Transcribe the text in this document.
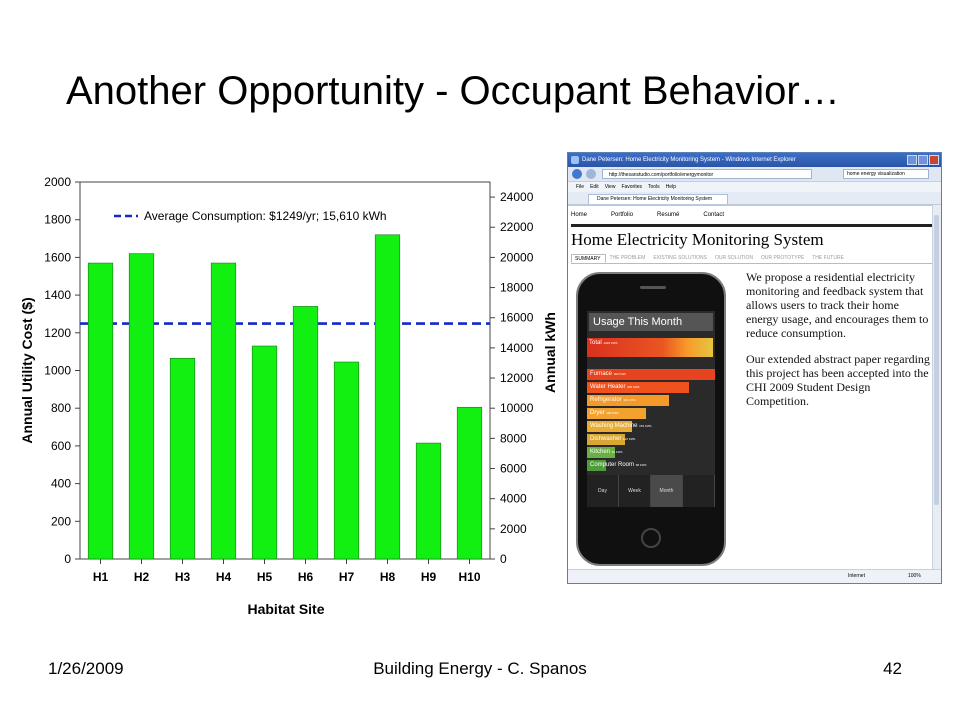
Another Opportunity - Occupant Behavior…
0
200
400
600
800
1000
1200
1400
1600
1800
2000
0
2000
4000
6000
8000
10000
12000
14000
16000
18000
20000
22000
24000
H1 H2 H3 H4 H5 H6 H7 H8 H9 H10
Average Consumption: $1249/yr; 15,610 kWh
Habitat Site
Annual Utility Cost ($)	Annual kWh
Dane Petersen: Home Electricity Monitoring System - Windows Internet Explorer
http://thesanstudio.com/portfolio/energymonitor	home energy visualization
File Edit View Favorites Tools Help
Dane Petersen: Home Electricity Monitoring System
Home	Portfolio	Resumé	Contact
Home Electricity Monitoring System
SUMMARY	THE PROBLEM	EXISTING SOLUTIONS	OUR SOLUTION	OUR PROTOTYPE	THE FUTURE
Usage This Month
Total 1024 KWh
Furnace 302 KWh
Water Heater 305 KWh
Refrigerator 181 KWh
Dryer 180 KWh
Washing Machine 153 KWh
Dishwasher 122 KWh
Kitchen 81 KWh
Computer Room 68 KWh
Day	Week	Month	Compare
We propose a residential electricity monitoring and feedback system that allows users to track their home energy usage, and encourages them to reduce consumption.
Our extended abstract paper regarding this project has been accepted into the CHI 2009 Student Design Competition.
Internet	100%
1/26/2009	Building Energy - C. Spanos	42
